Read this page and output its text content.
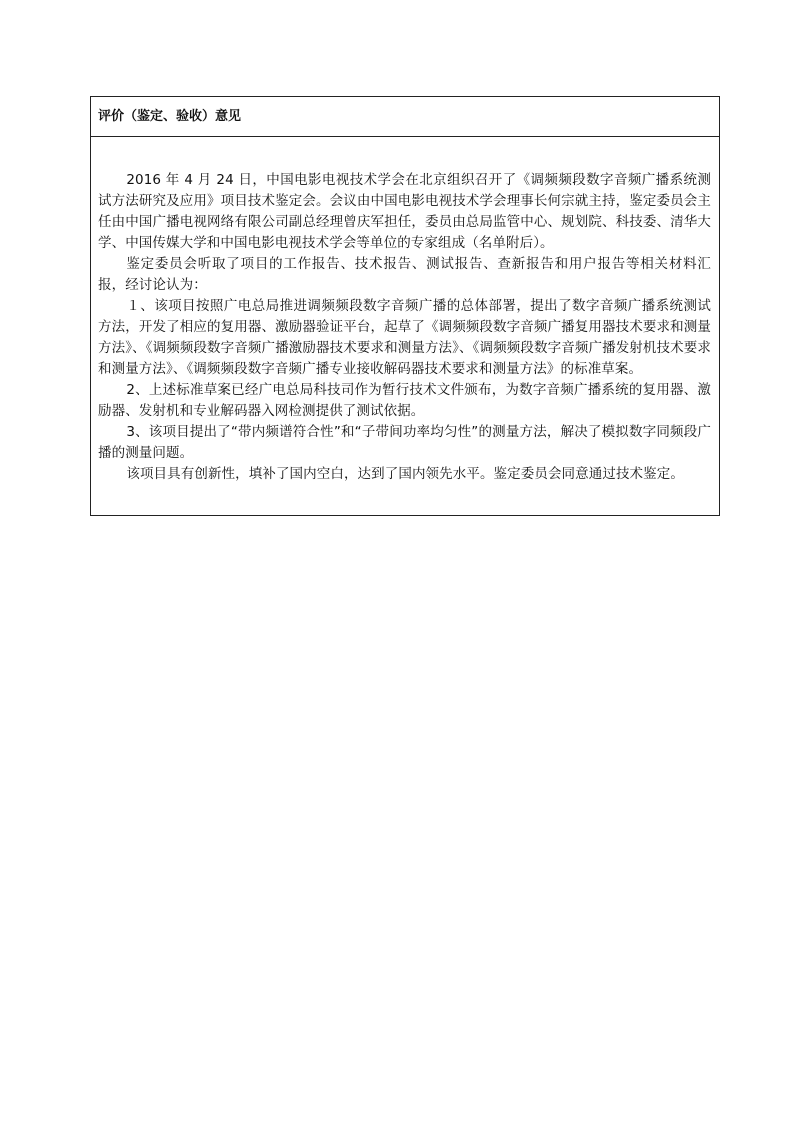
评价（鉴定、验收）意见

2016 年 4 月 24 日，中国电影电视技术学会在北京组织召开了《调频频段数字音频广播系统测试方法研究及应用》项目技术鉴定会。会议由中国电影电视技术学会理事长何宗就主持，鉴定委员会主任由中国广播电视网络有限公司副总经理曾庆军担任，委员由总局监管中心、规划院、科技委、清华大学、中国传媒大学和中国电影电视技术学会等单位的专家组成（名单附后）。

鉴定委员会听取了项目的工作报告、技术报告、测试报告、查新报告和用户报告等相关材料汇报，经讨论认为：

１、该项目按照广电总局推进调频频段数字音频广播的总体部署，提出了数字音频广播系统测试方法，开发了相应的复用器、激励器验证平台，起草了《调频频段数字音频广播复用器技术要求和测量方法》、《调频频段数字音频广播激励器技术要求和测量方法》、《调频频段数字音频广播发射机技术要求和测量方法》、《调频频段数字音频广播专业接收解码器技术要求和测量方法》的标准草案。

2、上述标准草案已经广电总局科技司作为暂行技术文件颁布，为数字音频广播系统的复用器、激励器、发射机和专业解码器入网检测提供了测试依据。

3、该项目提出了“带内频谱符合性”和“子带间功率均匀性”的测量方法，解决了模拟数字同频段广播的测量问题。

该项目具有创新性，填补了国内空白，达到了国内领先水平。鉴定委员会同意通过技术鉴定。
